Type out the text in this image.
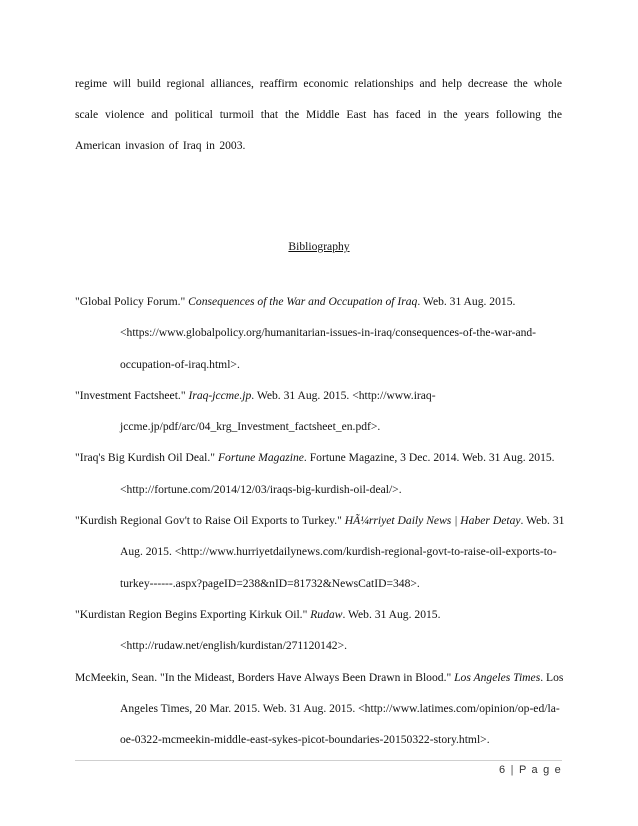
regime will build regional alliances, reaffirm economic relationships and help decrease the whole scale violence and political turmoil that the Middle East has faced in the years following the American invasion of Iraq in 2003.

Bibliography

"Global Policy Forum." Consequences of the War and Occupation of Iraq. Web. 31 Aug. 2015. <https://www.globalpolicy.org/humanitarian-issues-in-iraq/consequences-of-the-war-and-occupation-of-iraq.html>.

"Investment Factsheet." Iraq-jccme.jp. Web. 31 Aug. 2015. <http://www.iraq-jccme.jp/pdf/arc/04_krg_Investment_factsheet_en.pdf>.

"Iraq's Big Kurdish Oil Deal." Fortune Magazine. Fortune Magazine, 3 Dec. 2014. Web. 31 Aug. 2015. <http://fortune.com/2014/12/03/iraqs-big-kurdish-oil-deal/>.

"Kurdish Regional Gov't to Raise Oil Exports to Turkey." HÃ¼rriyet Daily News | Haber Detay. Web. 31 Aug. 2015. <http://www.hurriyetdailynews.com/kurdish-regional-govt-to-raise-oil-exports-to-turkey------.aspx?pageID=238&nID=81732&NewsCatID=348>.

"Kurdistan Region Begins Exporting Kirkuk Oil." Rudaw. Web. 31 Aug. 2015. <http://rudaw.net/english/kurdistan/271120142>.

McMeekin, Sean. "In the Mideast, Borders Have Always Been Drawn in Blood." Los Angeles Times. Los Angeles Times, 20 Mar. 2015. Web. 31 Aug. 2015. <http://www.latimes.com/opinion/op-ed/la-oe-0322-mcmeekin-middle-east-sykes-picot-boundaries-20150322-story.html>.

6 | P a g e
